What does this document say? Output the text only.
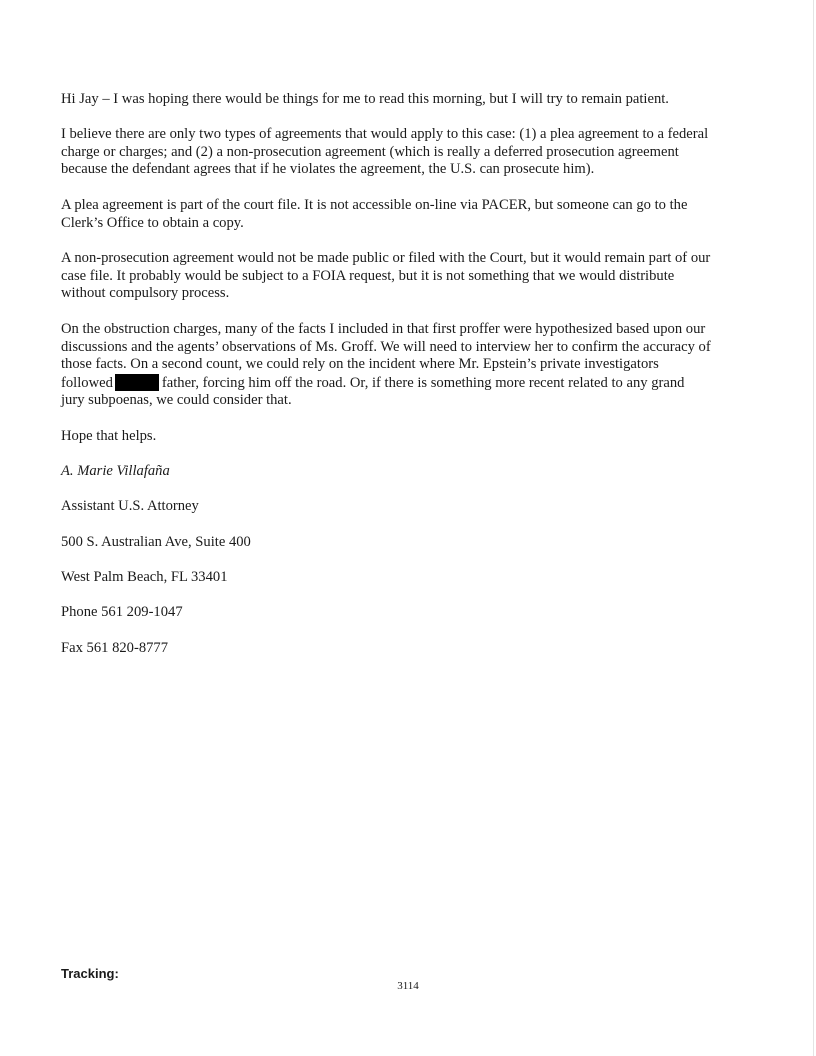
Hi Jay – I was hoping there would be things for me to read this morning, but I will try to remain patient.

I believe there are only two types of agreements that would apply to this case: (1) a plea agreement to a federal
charge or charges; and (2) a non-prosecution agreement (which is really a deferred prosecution agreement
because the defendant agrees that if he violates the agreement, the U.S. can prosecute him).

A plea agreement is part of the court file. It is not accessible on-line via PACER, but someone can go to the
Clerk’s Office to obtain a copy.

A non-prosecution agreement would not be made public or filed with the Court, but it would remain part of our
case file. It probably would be subject to a FOIA request, but it is not something that we would distribute
without compulsory process.

On the obstruction charges, many of the facts I included in that first proffer were hypothesized based upon our
discussions and the agents’ observations of Ms. Groff. We will need to interview her to confirm the accuracy of
those facts. On a second count, we could rely on the incident where Mr. Epstein’s private investigators
followed	father, forcing him off the road. Or, if there is something more recent related to any grand
jury subpoenas, we could consider that.

Hope that helps.

A. Marie Villafaña

Assistant U.S. Attorney

500 S. Australian Ave, Suite 400

West Palm Beach, FL 33401

Phone 561 209-1047

Fax 561 820-8777

Tracking:

3114
